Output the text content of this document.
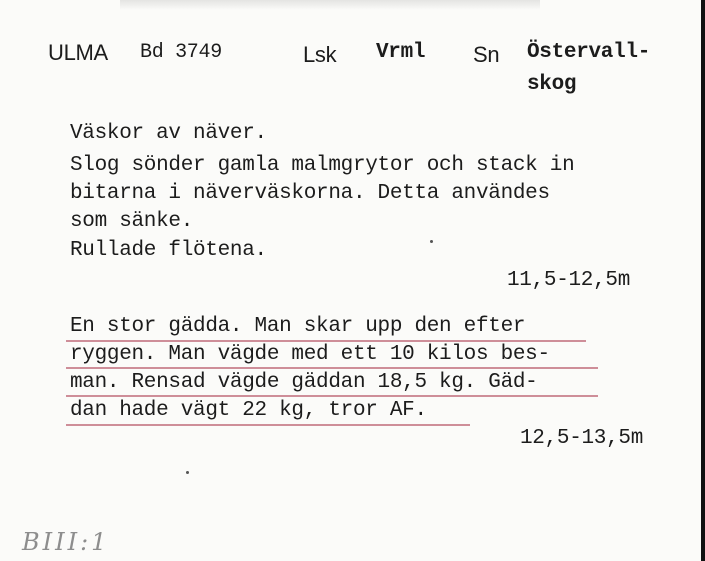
ULMA Bd 3749	Lsk Vrml Sn Östervall-
skog
Väskor av näver.
Slog sönder gamla malmgrytor och stack in
bitarna i näverväskorna. Detta användes
som sänke.
Rullade flötena.
11,5-12,5m
En stor gädda. Man skar upp den efter
ryggen. Man vägde med ett 10 kilos bes-
man. Rensad vägde gäddan 18,5 kg. Gäd-
dan hade vägt 22 kg, tror AF.
12,5-13,5m
BIII:1
